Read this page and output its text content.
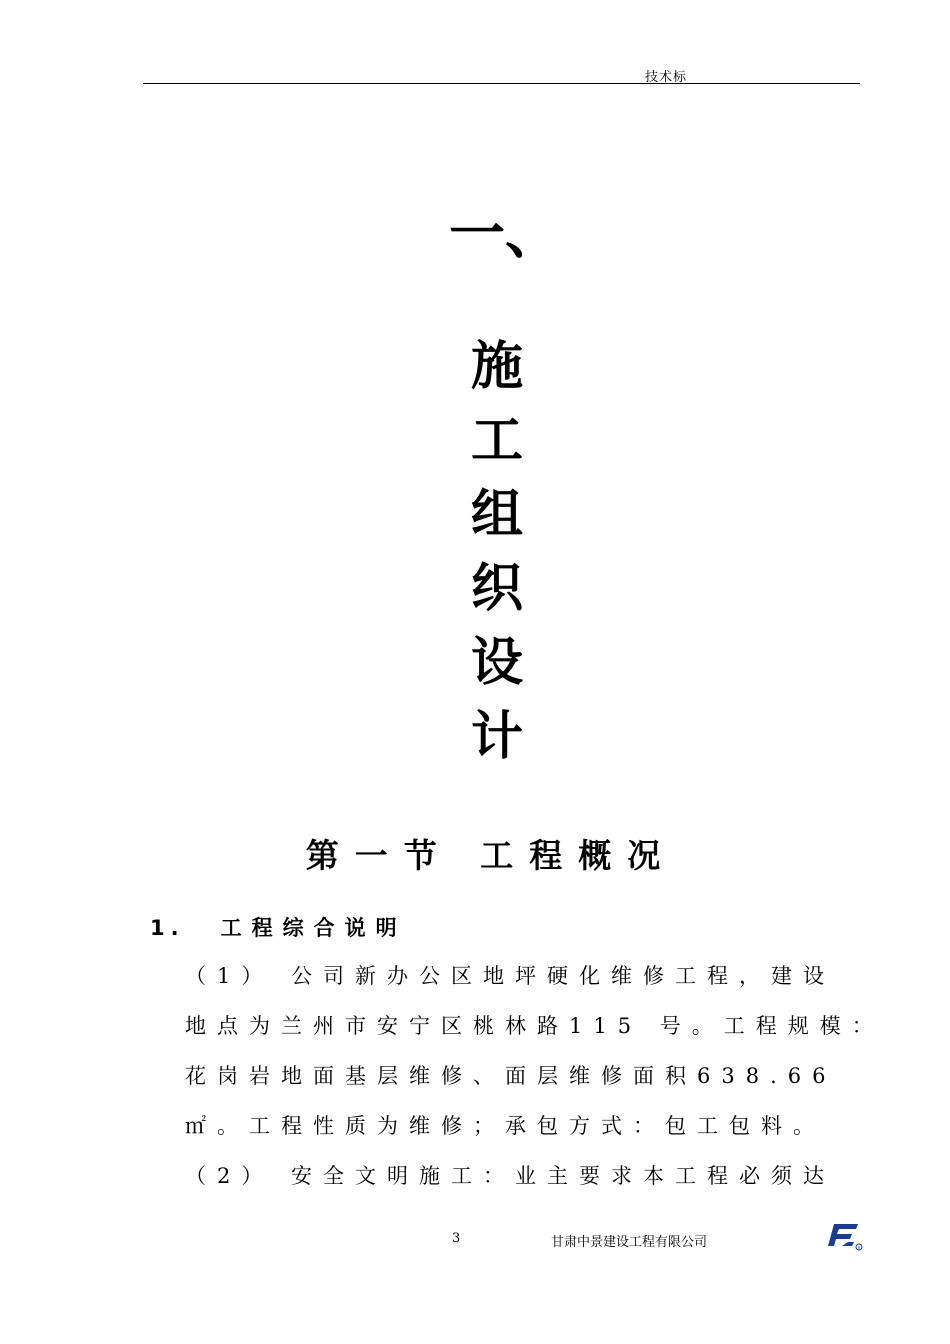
技术标
一、
施
工
组
织
设
计
第一节 工程概况
1. 工程综合说明
（1） 公司新办公区地坪硬化维修工程，建设
地点为兰州市安宁区桃林路115 号。工程规模：
花岗岩地面基层维修、面层维修面积638.66
㎡。工程性质为维修；承包方式：包工包料。
（2） 安全文明施工：业主要求本工程必须达
3	甘肃中景建设工程有限公司	R
